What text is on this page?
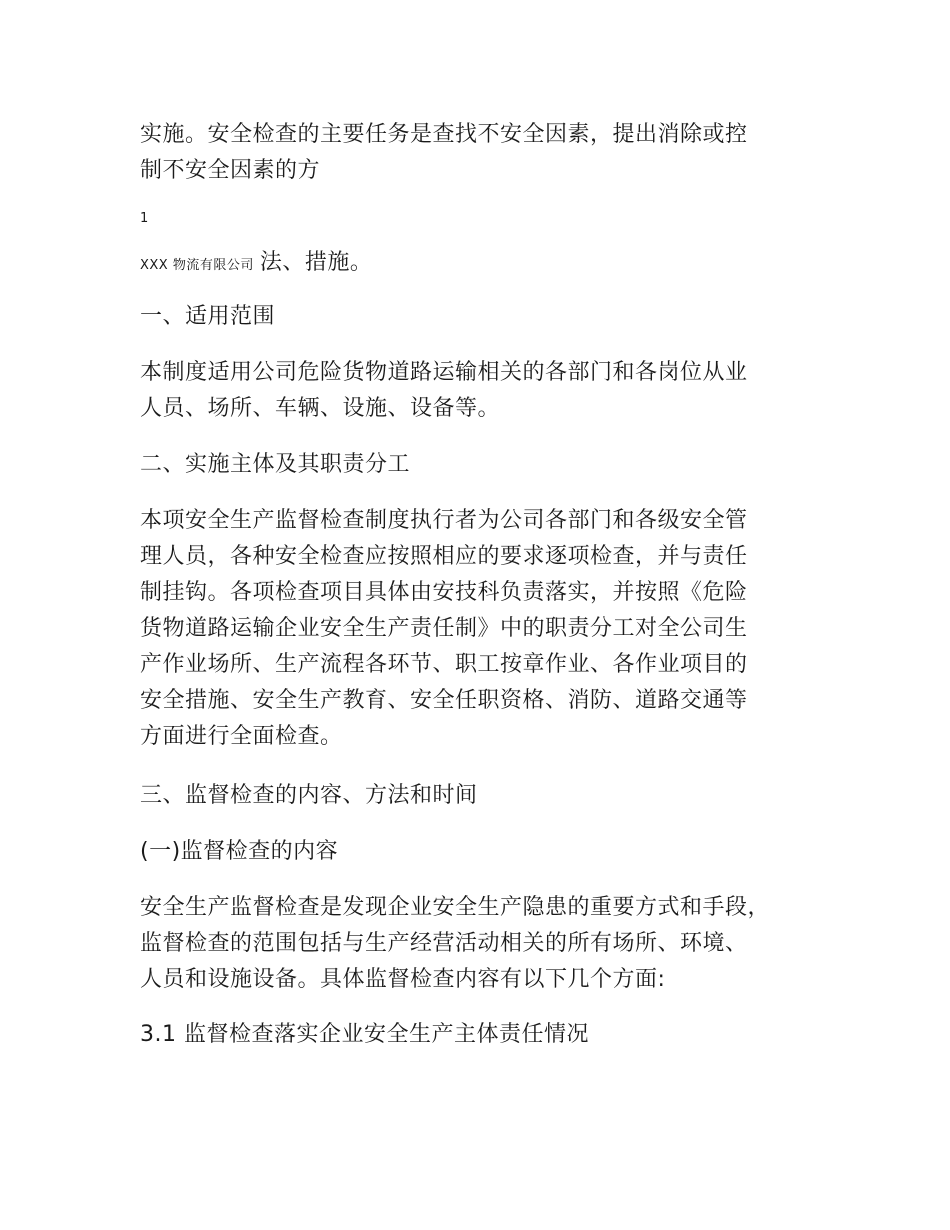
实施。安全检查的主要任务是查找不安全因素，提出消除或控
制不安全因素的方
1
XXX 物流有限公司 法、措施。
一、适用范围
本制度适用公司危险货物道路运输相关的各部门和各岗位从业
人员、场所、车辆、设施、设备等。
二、实施主体及其职责分工
本项安全生产监督检查制度执行者为公司各部门和各级安全管
理人员，各种安全检查应按照相应的要求逐项检查，并与责任
制挂钩。各项检查项目具体由安技科负责落实，并按照《危险
货物道路运输企业安全生产责任制》中的职责分工对全公司生
产作业场所、生产流程各环节、职工按章作业、各作业项目的
安全措施、安全生产教育、安全任职资格、消防、道路交通等
方面进行全面检查。
三、监督检查的内容、方法和时间
(一)监督检查的内容
安全生产监督检查是发现企业安全生产隐患的重要方式和手段，
监督检查的范围包括与生产经营活动相关的所有场所、环境、
人员和设施设备。具体监督检查内容有以下几个方面:
3.1 监督检查落实企业安全生产主体责任情况
